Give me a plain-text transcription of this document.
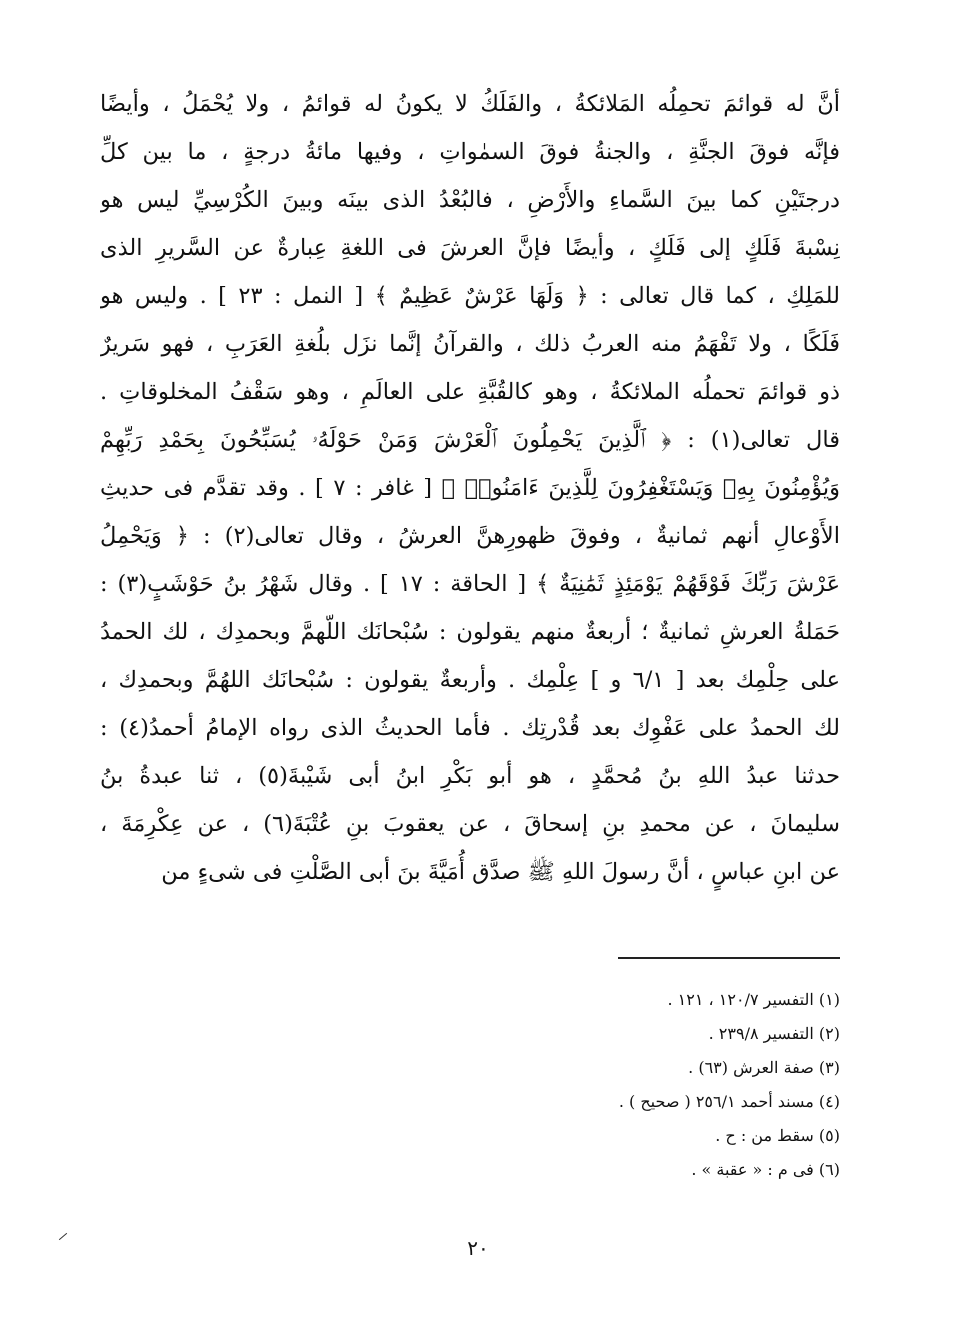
أنَّ له قوائمَ تحمِلُه المَلائكةُ ، والفَلَكُ لا يكونُ له قوائمُ ، ولا يُحْمَلُ ، وأيضًا
فإنَّه فوقَ الجنَّةِ ، والجنةُ فوقَ السمٰواتِ ، وفيها مائةُ درجةٍ ، ما بين كلِّ
درجتَيْنِ كما بينَ السَّماءِ والأَرْضِ ، فالبُعْدُ الذى بينَه وبينَ الكُرْسِيِّ ليس هو
نِسْبةَ فَلَكٍ إلى فَلَكٍ ، وأيضًا فإنَّ العرشَ فى اللغةِ عِبارةٌ عن السَّريرِ الذى
للمَلِكِ ، كما قال تعالى : ﴿ وَلَهَا عَرْشٌ عَظِيمٌ ﴾ [ النمل : ٢٣ ] . وليس هو
فَلَكًا ، ولا تَفْهَمُ منه العربُ ذلك ، والقرآنُ إنَّما نزَل بلُغةِ العَرَبِ ، فهو سَريرٌ
ذو قوائمَ تحملُه الملائكةُ ، وهو كالقُبَّةِ على العالَمِ ، وهو سَقْفُ المخلوقاتِ .
قال تعالى(١) : ﴿ ٱلَّذِينَ يَحْمِلُونَ ٱلْعَرْشَ وَمَنْ حَوْلَهُۥ يُسَبِّحُونَ بِحَمْدِ رَبِّهِمْ
وَيُؤْمِنُونَ بِهِۦ وَيَسْتَغْفِرُونَ لِلَّذِينَ ءَامَنُوا۟ ﴾ [ غافر : ٧ ] . وقد تقدَّم فى حديثِ
الأَوْعالِ أنهم ثمانيةٌ ، وفوقَ ظهورِهنَّ العرشُ ، وقال تعالى(٢) : ﴿ وَيَحْمِلُ
عَرْشَ رَبِّكَ فَوْقَهُمْ يَوْمَئِذٍ ثَمَٰنِيَةٌ ﴾ [ الحاقة : ١٧ ] . وقال شَهْرُ بنُ حَوْشَبٍ(٣) :
حَمَلةُ العرشِ ثمانيةٌ ؛ أربعةٌ منهم يقولون : سُبْحانَك اللّهمَّ وبحمدِك ، لك الحمدُ
على حِلْمِك بعد [ ٦/١ و ] عِلْمِك . وأربعةٌ يقولون : سُبْحانَك اللهُمَّ وبحمدِك ،
لك الحمدُ على عَفْوِك بعد قُدْرتِك . فأما الحديثُ الذى رواه الإمامُ أحمدُ(٤) :
حدثنا عبدُ اللهِ بنُ مُحمَّدٍ ، هو أبو بَكْرِ ابنُ أبى شَيْبةَ(٥) ، ثنا عبدةُ بنُ
سليمانَ ، عن محمدِ بنِ إسحاقَ ، عن يعقوبَ بنِ عُتْبَةَ(٦) ، عن عِكْرِمَةَ ،
عن ابنِ عباسٍ ، أنَّ رسولَ اللهِ ﷺ صدَّق أُمَيَّةَ بنَ أبى الصَّلْتِ فى شىءٍ من
(١) التفسير ١٢٠/٧ ، ١٢١ .
(٢) التفسير ٢٣٩/٨ .
(٣) صفة العرش (٦٣) .
(٤) مسند أحمد ٢٥٦/١ ( صحيح ) .
(٥) سقط من : ح .
(٦) فى م : « عقبة » .
٢٠
